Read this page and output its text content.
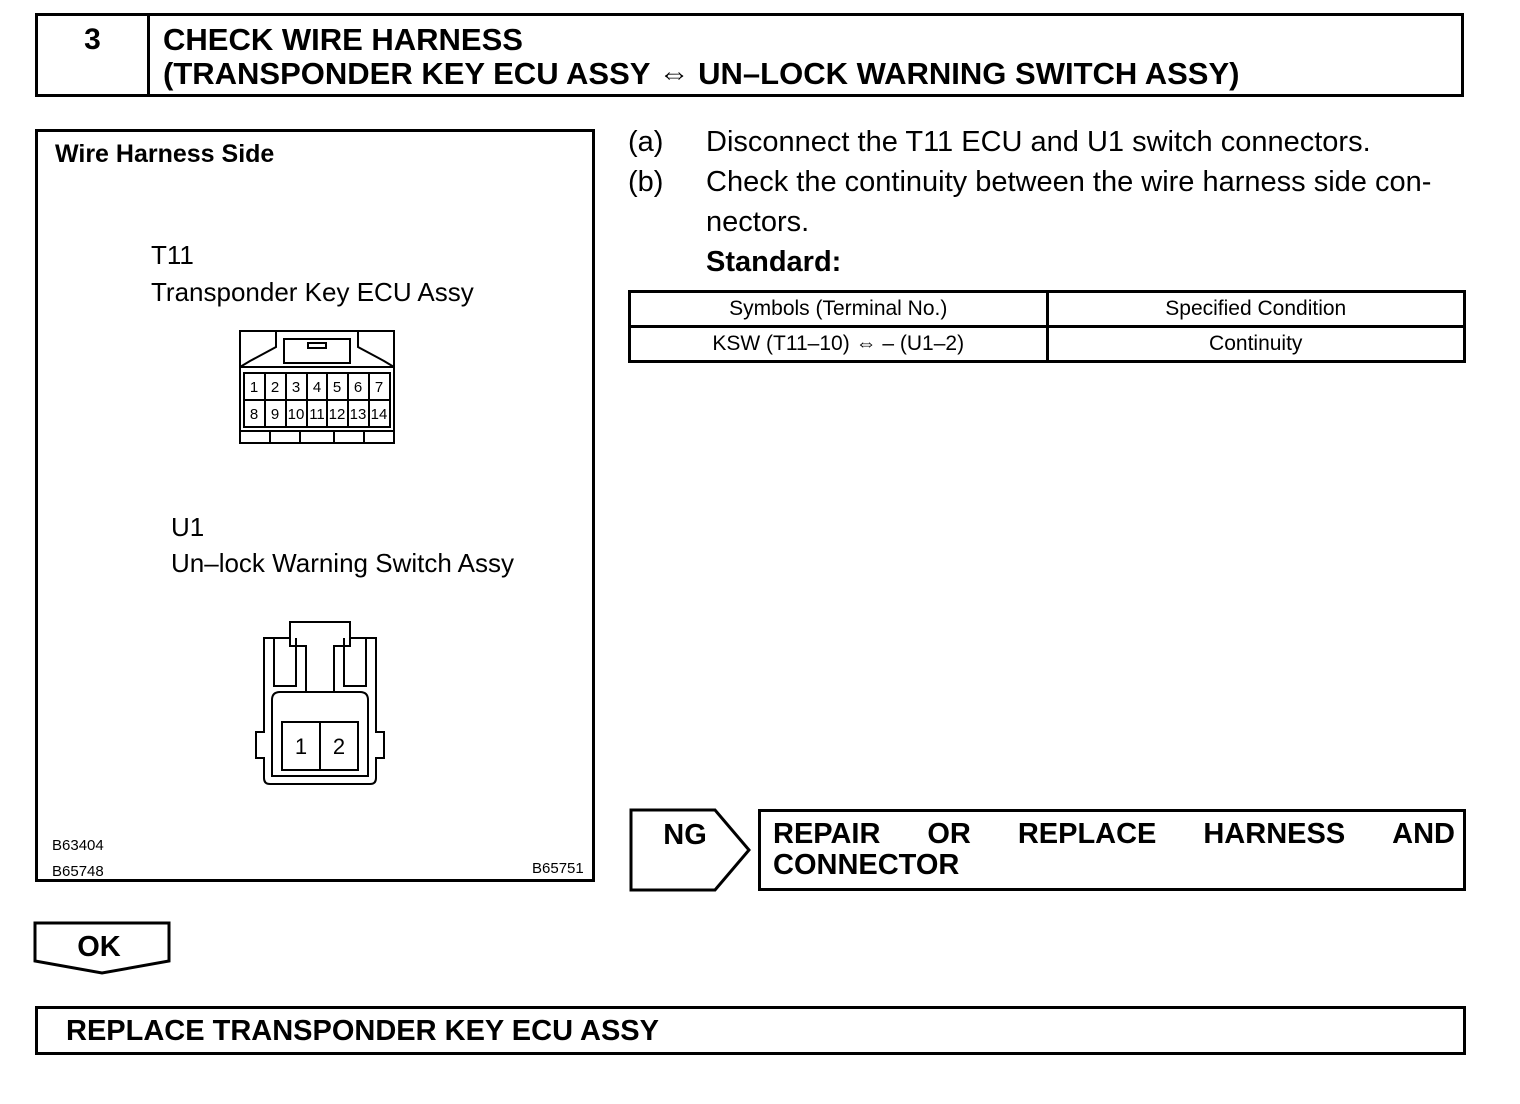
3	CHECK WIRE HARNESS
(TRANSPONDER KEY ECU ASSY ⇔ UN–LOCK WARNING SWITCH ASSY)
Wire Harness Side
T11
Transponder Key ECU Assy
1 2 3 4 5 6 7
8 9 10 11 12 13 14
U1
Un–lock Warning Switch Assy
1 2
B63404
B65748	B65751
(a) Disconnect the T11 ECU and U1 switch connectors.
(b) Check the continuity between the wire harness side con-
nectors.
Standard:
Symbols (Terminal No.)	Specified Condition
KSW (T11–10) ⇔ – (U1–2)	Continuity
NG REPAIR OR REPLACE HARNESS AND
CONNECTOR
OK
REPLACE TRANSPONDER KEY ECU ASSY
